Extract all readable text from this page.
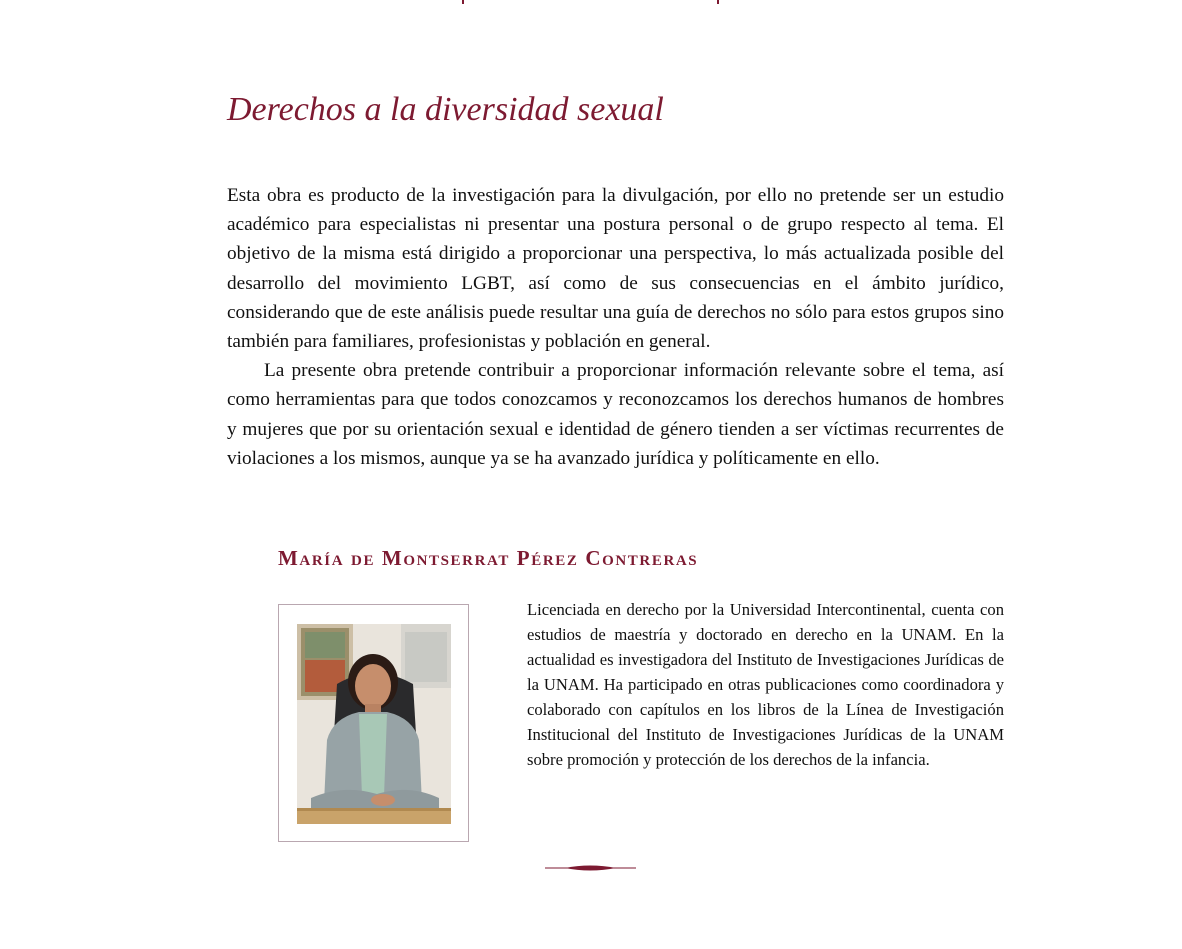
Derechos a la diversidad sexual

Esta obra es producto de la investigación para la divulgación, por ello no pretende ser un estudio académico para especialistas ni presentar una postura personal o de grupo respecto al tema. El objetivo de la misma está dirigido a proporcionar una perspectiva, lo más actualizada posible del desarrollo del movimiento LGBT, así como de sus consecuencias en el ámbito jurídico, considerando que de este análisis puede resultar una guía de derechos no sólo para estos grupos sino también para familiares, profesionistas y población en general.

La presente obra pretende contribuir a proporcionar información relevante sobre el tema, así como herramientas para que todos conozcamos y reconozcamos los derechos humanos de hombres y mujeres que por su orientación sexual e identidad de género tienden a ser víctimas recurrentes de violaciones a los mismos, aunque ya se ha avanzado jurídica y políticamente en ello.

María de Montserrat Pérez Contreras

Licenciada en derecho por la Universidad Intercontinental, cuenta con estudios de maestría y doctorado en derecho en la UNAM. En la actualidad es investigadora del Instituto de Investigaciones Jurídicas de la UNAM. Ha participado en otras publicaciones como coordinadora y colaborado con capítulos en los libros de la Línea de Investigación Institucional del Instituto de Investigaciones Jurídicas de la UNAM sobre promoción y protección de los derechos de la infancia.
